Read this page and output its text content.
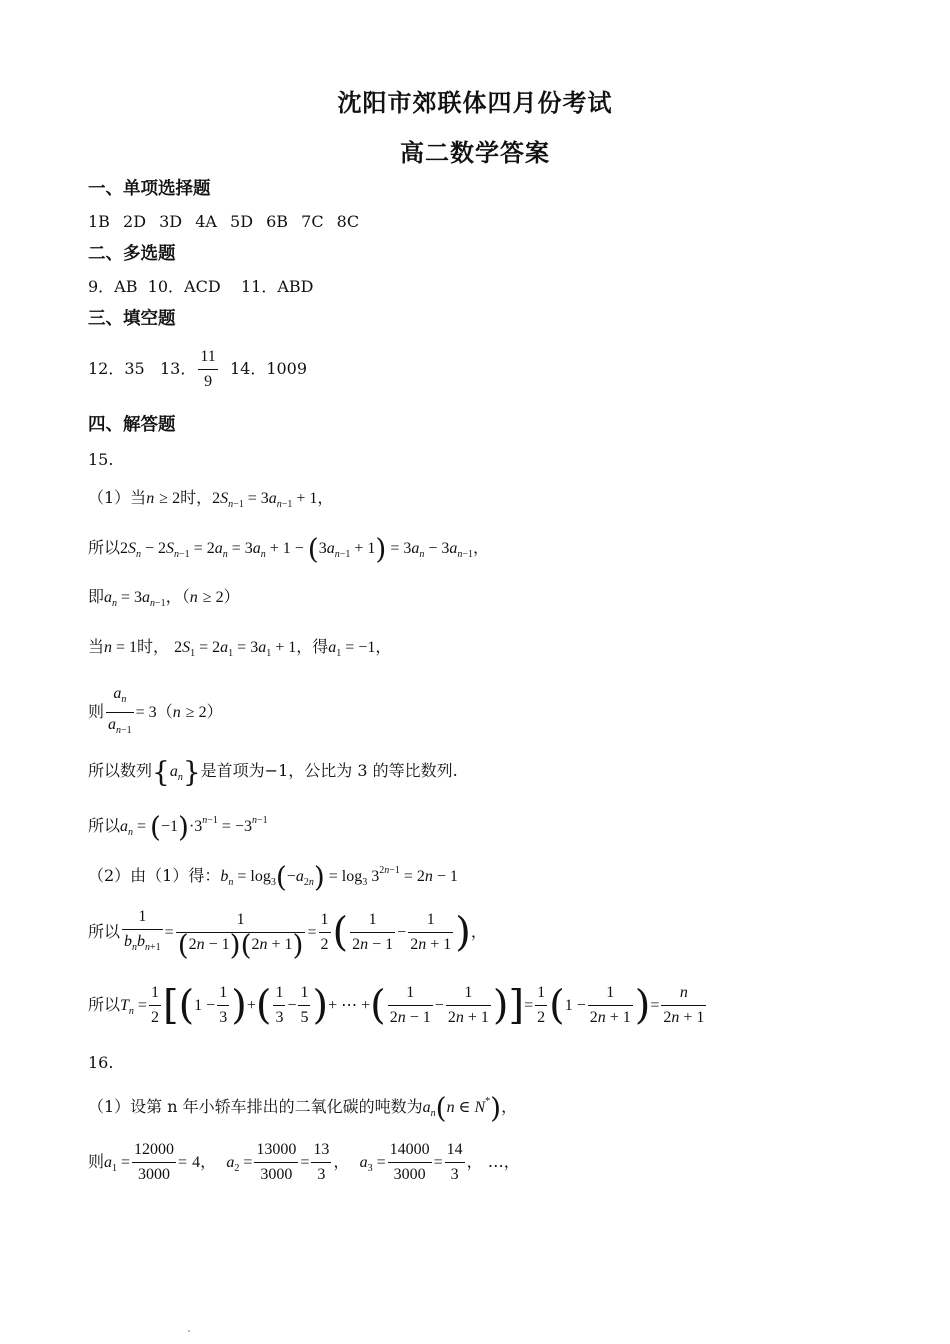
沈阳市郊联体四月份考试
高二数学答案
一、单项选择题
1B 2D 3D 4A 5D 6B 7C 8C
二、多选题
9．AB  10．ACD    11．ABD
三、填空题
12．35 13． $\frac{11}{9} 14$．1009
四、解答题
15.
（1）当n ≥ 2时，$2S_{n-1} = 3a_{n-1} + 1$，
所以$2S_n - 2S_{n-1} = 2a_n = 3a_n + 1 - (3a_{n-1} + 1) = 3a_n - 3a_{n-1}$，
即$a_n = 3a_{n-1}$，（n ≥ 2）
当n = 1时， $2S_1 = 2a_1 = 3a_1 + 1$，得$a_1 = -1$，
则 $\frac{a_n}{a_{n-1}} = 3(n \ge 2)$
所以数列$\{a_n\}$是首项为−1，公比为 3 的等比数列.
所以$a_n = (-1)\cdot 3^{n-1} = -3^{n-1}$
（2）由（1）得：$b_n = \log_3(-a_{2n}) = \log_3 3^{2n-1} = 2n - 1$
所以 $\frac{1}{b_nb_{n+1}} = \frac{1}{(2n - 1)(2n + 1)} = \frac{1}{2}$ ( $\frac{1}{2n - 1} - \frac{1}{2n + 1}$ )，
所以$T_n = \frac{1}{2} [(1 - \frac{1}{3}$ )+( $\frac{1}{3} - \frac{1}{5}$ )+ ⋯ +( $\frac{1}{2n - 1} - \frac{1}{2n + 1}$ )]= $\frac{1}{2} (1 - \frac{1}{2n + 1}$ )= $\frac{n}{2n + 1}$
16.
（1）设第 n 年小轿车排出的二氧化碳的吨数为$a_n(n$ ∈ N*)，
则$a_1 = \frac{12000}{3000} = 4$，  $a_2 = \frac{13000}{3000} = \frac{13}{3}$ ，  $a_3 = \frac{14000}{3000} = \frac{14}{3}$ ， …，
